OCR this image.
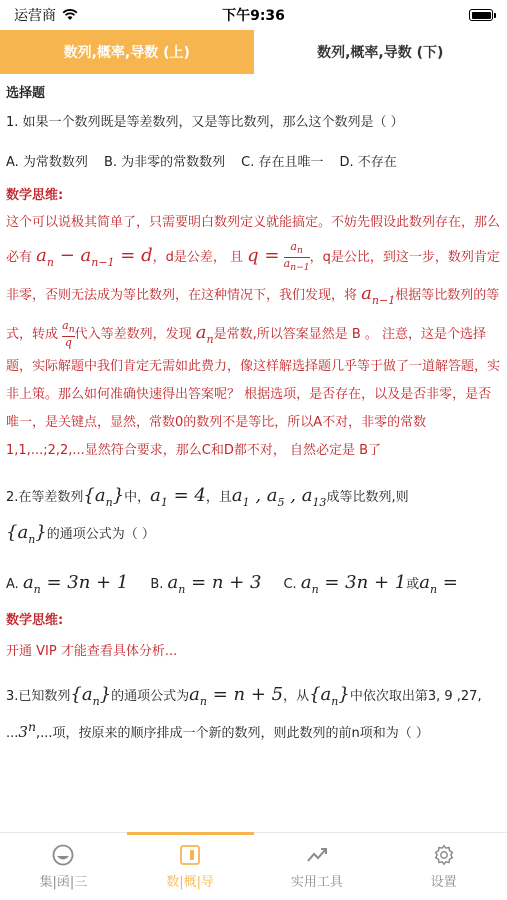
运营商	下午9:36
数列,概率,导数 (上)	数列,概率,导数 (下)
选择题
1. 如果一个数列既是等差数列，又是等比数列，那么这个数列是（ ）
A. 为常数数列 B. 为非零的常数数列 C. 存在且唯一 D. 不存在
数学思维:
这个可以说极其简单了，只需要明白数列定义就能搞定。不妨先假设此数列存在，那么必有 $a_n - a_{n-1} = d$，d是公差， 且 $q = \frac{a_n}{a_{n-1}}$ ，q是公比，到这一步，数列肯定非零，否则无法成为等比数列，在这种情况下，我们发现，将 $a_{n-1}$根据等比数列的等式，转成 $\frac{a_n}{q}$ 代入等差数列，发现 $a_n$是常数,所以答案显然是 B 。 注意，这是个选择题，实际解题中我们肯定无需如此费力，像这样解选择题几乎等于做了一道解答题，实非上策。那么如何准确快速得出答案呢？ 根据选项，是否存在，以及是否非零，是否唯一，是关键点，显然，常数0的数列不是等比，所以A不对，非零的常数1,1,...;2,2,...显然符合要求，那么C和D都不对， 自然必定是 B了
2.在等差数列$\{a_n\}$中，$a_1 = 4$，且$a_1$ , $a_5$ , $a_{13}$成等比数列,则
$\{a_n\}$的通项公式为（ ）
A. $a_n = 3n + 1$ B. $a_n = n + 3$ C. $a_n = 3n + 1$或$a_n$ =
数学思维:
开通 VIP 才能查看具体分析...
3.已知数列$\{a_n\}$的通项公式为$a_n = n + 5$，从$\{a_n\}$中依次取出第3, 9 ,27, ...3$^n$,...项，按原来的顺序排成一个新的数列，则此数列的前n项和为（ ）
集|函|三	数|概|导	实用工具	设置
